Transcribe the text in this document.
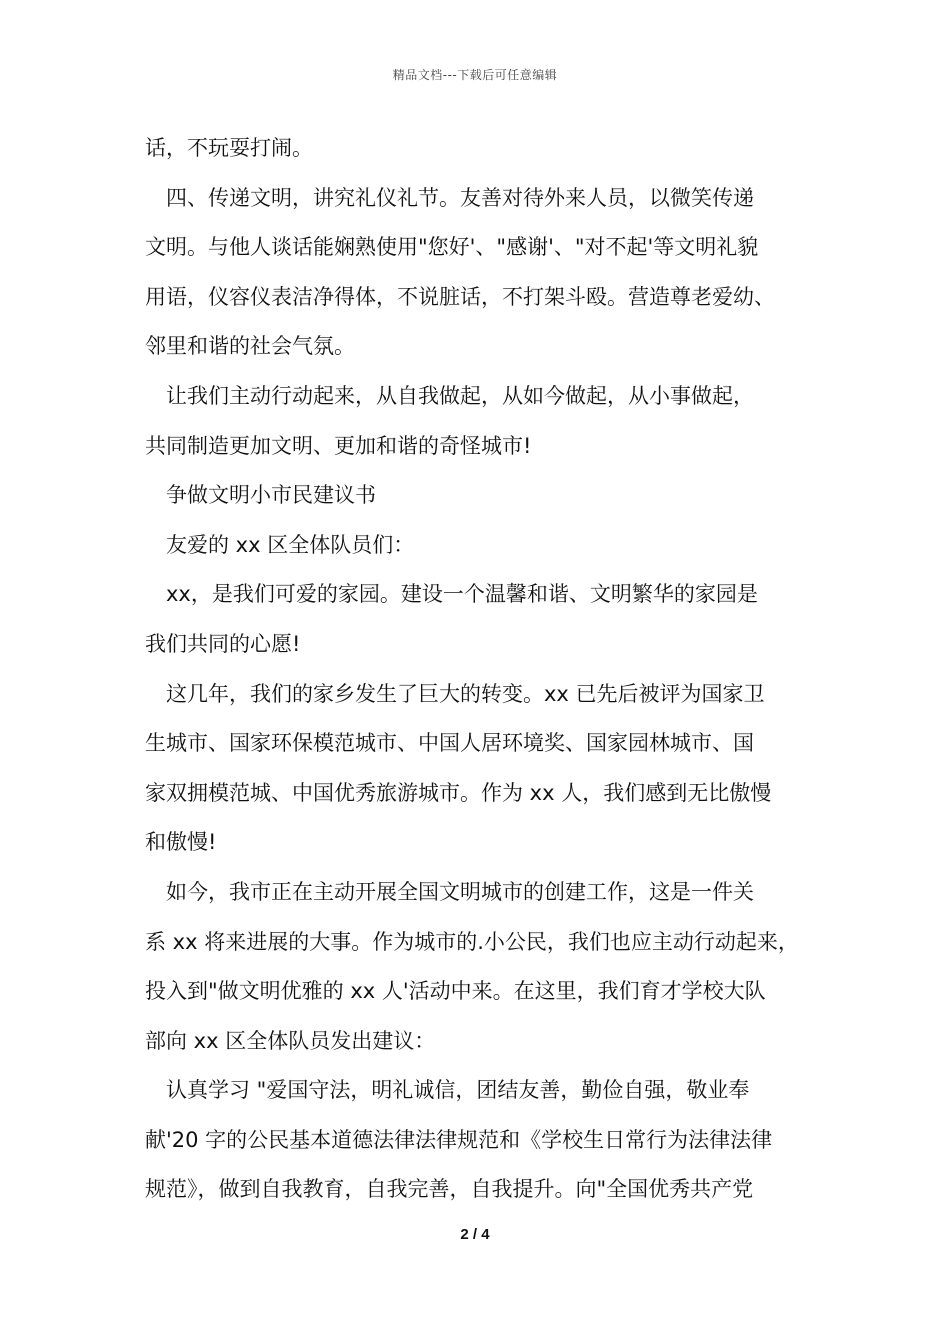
精品文档---下载后可任意编辑
话，不玩耍打闹。
四、传递文明，讲究礼仪礼节。友善对待外来人员，以微笑传递
文明。与他人谈话能娴熟使用"您好'、"感谢'、"对不起'等文明礼貌
用语，仪容仪表洁净得体，不说脏话，不打架斗殴。营造尊老爱幼、
邻里和谐的社会气氛。
让我们主动行动起来，从自我做起，从如今做起，从小事做起，
共同制造更加文明、更加和谐的奇怪城市!
争做文明小市民建议书
友爱的 xx 区全体队员们：
xx，是我们可爱的家园。建设一个温馨和谐、文明繁华的家园是
我们共同的心愿!
这几年，我们的家乡发生了巨大的转变。xx 已先后被评为国家卫
生城市、国家环保模范城市、中国人居环境奖、国家园林城市、国
家双拥模范城、中国优秀旅游城市。作为 xx 人，我们感到无比傲慢
和傲慢!
如今，我市正在主动开展全国文明城市的创建工作，这是一件关
系 xx 将来进展的大事。作为城市的.小公民，我们也应主动行动起来，
投入到"做文明优雅的 xx 人'活动中来。在这里，我们育才学校大队
部向 xx 区全体队员发出建议：
认真学习 "爱国守法，明礼诚信，团结友善，勤俭自强，敬业奉
献'20 字的公民基本道德法律法律规范和《学校生日常行为法律法律
规范》，做到自我教育，自我完善，自我提升。向"全国优秀共产党
2 / 4
